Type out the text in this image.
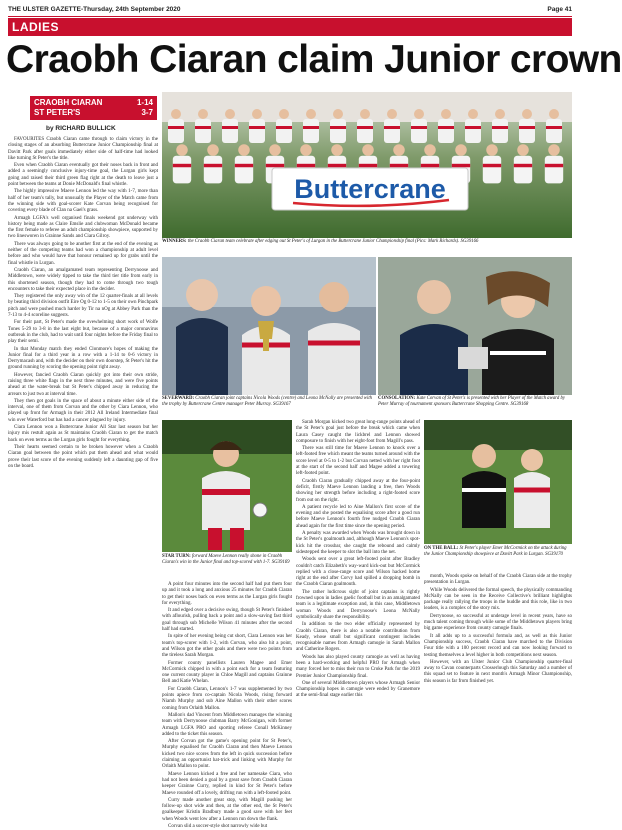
THE ULSTER GAZETTE-Thursday, 24th September 2020	Page 41
LADIES
Craobh Ciaran claim Junior crown
CRAOBH CIARAN	1-14
ST PETER'S	3-7
by RICHARD BULLICK

FAVOURITES Craobh Ciaran came through to claim victory in the closing stages of an absorbing Buttercrane Junior Championship final at Davitt Park after goals immediately either side of half-time had looked like turning St Peter's the title.

Even when Craobh Ciaran eventually got their noses back in front and added a seemingly conclusive injury-time goal, the Lurgan girls kept going and raised their third green flag right at the death to leave just a point between the teams at Donie McDonald's final whistle.

The highly impressive Maeve Lennon led the way with 1-7, more than half of her team's tally, but unusually the Player of the Match came from the winning side with goal-scorer Kate Corvan being recognised for covering every blade of Clan na Gael's grass.

Armagh LGFA's well organised finals weekend got underway with history being made as Claire Emslie and clubwoman McDonald became the first female to referee an adult championship showpiece, supported by two linesworen in Grainne Sands and Ciara Gilroy.

There was always going to be another first at the end of the evening as neither of the competing teams had won a championship at adult level before and who would have that honour remained up for grabs until the final whistle in Lurgan.

Craobh Ciaran, an amalgamated team representing Derrynoose and Middletown, were widely tipped to take the third tier title from early in this shortened season, though they had to come through two tough encounters to take their expected place in the decider.

They registered the only away win of the 12 quarter-finals at all levels by beating third division outfit Eire Og 0-12 to 1-5 on their own Pinchpark pitch and were pushed much harder by Tir na nOg at Abbey Park than the 7-13 to 4-4 scoreline suggests.

For their part, St Peter's made the ovewhelming short work of Wolfe Tones 5-29 to 3-8 in the last eight but, because of a major coronavirus outbreak in the club, had to wait until four nights before the Friday final to play their semi.

In that Monday match they ended Clonmore's hopes of making the Junior final for a third year in a row with a 1-14 to 0-6 victory in Derrymacash and, with the decider on their own doorstep, St Peter's hit the ground running by scoring the opening point right away.

However, fancied Craobh Ciaran quickly got into their own stride, raising three white flags in the next three minutes, and were five points ahead at the water-break but St Peter's chipped away in reducing the arrears to just two at interval time.

They then got goals in the space of about a minute either side of the interval, one of them from Corvan and the other by Ciara Lennon, who played up front for Armagh in their 2012 All Ireland Intermediate final win over Waterford but has had a cancer plagued by injury.

Ciara Lennon won a Buttercrane Junior All Star last season but her injury mis restult again as St maintains Craobh Ciaran to get the match back on even terms as the Lurgan girls fought for everything.

Their hearts seemed certain to be broken however when a Craobh Ciaran goal between the point which put them ahead and what would prove their last score of the evening suddenly left a daunting gap of five on the board.

Buttercrane
WINNERS: the Craobh Ciaran team celebrate after edging out St Peter's of Lurgan in the Buttercrane Junior Championship final (Pics: Mark Richards). SG39166
SEVERWARD: Craobh Ciaran joint captains Nicola Woods (centre) and Leona McNally are presented with the trophy by Buttercrane Centre manager Peter Murray. SG39167
CONSOLATION: Kate Corvan of St Peter's is presented with her Player of the Match award by Peter Murray of tournament sponsors Buttercrane Shopping Centre. SG39168
STAR TURN: forward Maeve Lennon really shone in Craobh Ciaran's win in the Junior final and top-scored with 1-7. SG39169
ON THE BALL: St Peter's player Emer McCormick on the attack during the Junior Championship showpiece at Davitt Park in Lurgan. SG39170

A point four minutes into the second half had put them four up and it took a long and anxious 25 minutes for Craobh Ciaran to get their noses back on even terms as the Lurgan girls fought for everything.

It and edged over a decisive swing, though St Peter's finished with aflourish, pulling back a point and a slow-saving fast third goal through sub Michelle Wilson 41 minutes after the second half had started.

In spite of her evening being cut short, Ciara Lennon was her team's top-scorer with 1-2, with Corvan, who also hit a point, and Wilson got the other goals and there were two points from the tireless Sarah Morgan.

Former county panellists Lauren Magee and Emer McCormick chipped in with a point each for a team featuring one current county player in Chloe Magill and captains Grainne Bell and Katie Whelan.

For Craobh Ciaran, Lennon's 1-7 was supplemented by two points apiece from co-captain Nicola Woods, rising forward Niamh Murphy and sub Aine Mallon with their other scores coming from Orlaith Mallon.

Mallon's dad Vincent from Middletown manages the winning team with Derrynoose clubman Barry McGonigan, with former Armagh LGFA PRO and sporting referee Conall McKinney added to the ticket this season.

After Corvan got the game's opening point for St Peter's, Murphy equalised for Craobh Ciaran and then Maeve Lennon kicked two nice scores from the left in quick succession before claiming an opportunist hat-trick and linking with Murphy for Orlaith Mallon to point.

Maeve Lennon kicked a free and her namesake Ciara, who had not been denied a goal by a great save from Craobh Ciaran keeper Grainne Curry, replied in kind for St Peter's before Maeve rounded off a lovely, drifting run with a left-footed point.

Curry made another great stop, with Magill pushing her follow-up shot wide and then, at the other end, the St Peter's goalkeeper Kristin Bradbury made a good save with her feet when Woods went low after a Lennon run down the flank.

Corvan slid a soccer-style shot narrowly wide but

Sarah Morgan kicked two great long-range points ahead of the St Peter's goal just before the break which came when Laura Casey caught the lickbrel and Lennon showed composure to finish with her eight-foot from Magill's pass.

There was still time for Maeve Lennon to knock over a left-footed free which meant the teams turned around with the score level at 0-5 to 1-2 but Corvan netted with her right foot at the start of the second half and Magee added a towering left-footed point.

Craobh Ciaran gradually chipped away at the four-point deficit, firstly Maeve Lennon landing a free, then Woods showing her strength before including a right-footed score from out on the right.

A patient recycle led to Aine Mallon's first score of the evening and she posted the equalising score after a good run before Maeve Lennon's fourth free nudged Craobh Ciaran ahead again for the first time since the opening period.

A penalty was awarded when Woods was brought down in the St Peter's goalmouth and, although Maeve Lennon's spot-kick hit the crossbar, she caught the rebound and calmly sidestepped the keeper to slot the ball into the net.

Woods sent over a great left-footed point after Bradley couldn't catch Elizabeth's way-ward kick-out but McCormick replied with a close-range score and Wilson hacked home right at the end after Corvy had spilled a dropping bomb in the Craobh Ciaran goalmouth.

The rather ludicrous sight of joint captains is rightly frowned upon in ladies gaelic football but in an amalgamated team is a legitimate exception and, in this case, Middletown woman Woods and Derrynoose's Leona McNally symbolically share the responsibility.

In addition to the two elder officially represented by Craobh Ciaran, there is also a notable contribution from Keady, whose small but significant contingent includes recognisable names from Armagh camogie in Sarah Mallon and Catherine Rogers.

Woods has also played county camogie as well as having been a hard-working and helpful PRO for Armagh when many forced her to miss their run to Croke Park for the 2019 Premier Junior Championship final.

One of several Middletown players whose Armagh Senior Championship hopes in camogie were ended by Granemore at the semi-final stage earlier this

month, Woods spoke on behalf of the Craobh Ciaran side at the trophy presentation in Lurgan.

While Woods delivered the formal speech, the physically commanding McNally can be seen in the Receive Collective's brilliant highlights package really rallying the troops in the huddle and this role, like in two leaders, is a complex of the story mix.

Derrynoose, so successful at underage level in recent years, have so much talent coming through while some of the Middletown players bring big game experience from county camogie finals.

It all adds up to a successful formula and, as well as this Junior Championship success, Craobh Ciaran have marched to the Division Four title with a 100 percent record and can now looking forward to testing themselves a level higher in both competitions next season.

However, with an Ulster Junior Club Championship quarter-final away to Cavan counterparts Crosserlough this Saturday and a number of this squad set to feature in next month's Armagh Minor Championship, this season is far from finished yet.
